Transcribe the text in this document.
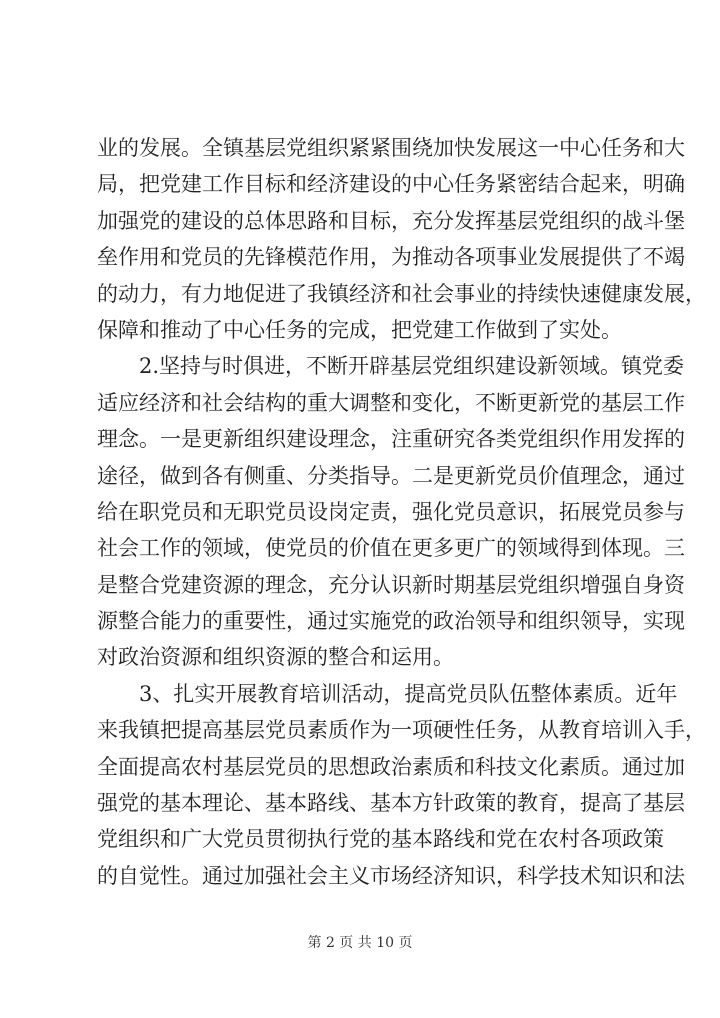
业的发展。全镇基层党组织紧紧围绕加快发展这一中心任务和大
局，把党建工作目标和经济建设的中心任务紧密结合起来，明确
加强党的建设的总体思路和目标，充分发挥基层党组织的战斗堡
垒作用和党员的先锋模范作用，为推动各项事业发展提供了不竭
的动力，有力地促进了我镇经济和社会事业的持续快速健康发展，
保障和推动了中心任务的完成，把党建工作做到了实处。
2.坚持与时俱进，不断开辟基层党组织建设新领域。镇党委
适应经济和社会结构的重大调整和变化，不断更新党的基层工作
理念。一是更新组织建设理念，注重研究各类党组织作用发挥的
途径，做到各有侧重、分类指导。二是更新党员价值理念，通过
给在职党员和无职党员设岗定责，强化党员意识，拓展党员参与
社会工作的领域，使党员的价值在更多更广的领域得到体现。三
是整合党建资源的理念，充分认识新时期基层党组织增强自身资
源整合能力的重要性，通过实施党的政治领导和组织领导，实现
对政治资源和组织资源的整合和运用。
3、扎实开展教育培训活动，提高党员队伍整体素质。近年
来我镇把提高基层党员素质作为一项硬性任务，从教育培训入手，
全面提高农村基层党员的思想政治素质和科技文化素质。通过加
强党的基本理论、基本路线、基本方针政策的教育，提高了基层
党组织和广大党员贯彻执行党的基本路线和党在农村各项政策
的自觉性。通过加强社会主义市场经济知识，科学技术知识和法
第 2 页 共 10 页
